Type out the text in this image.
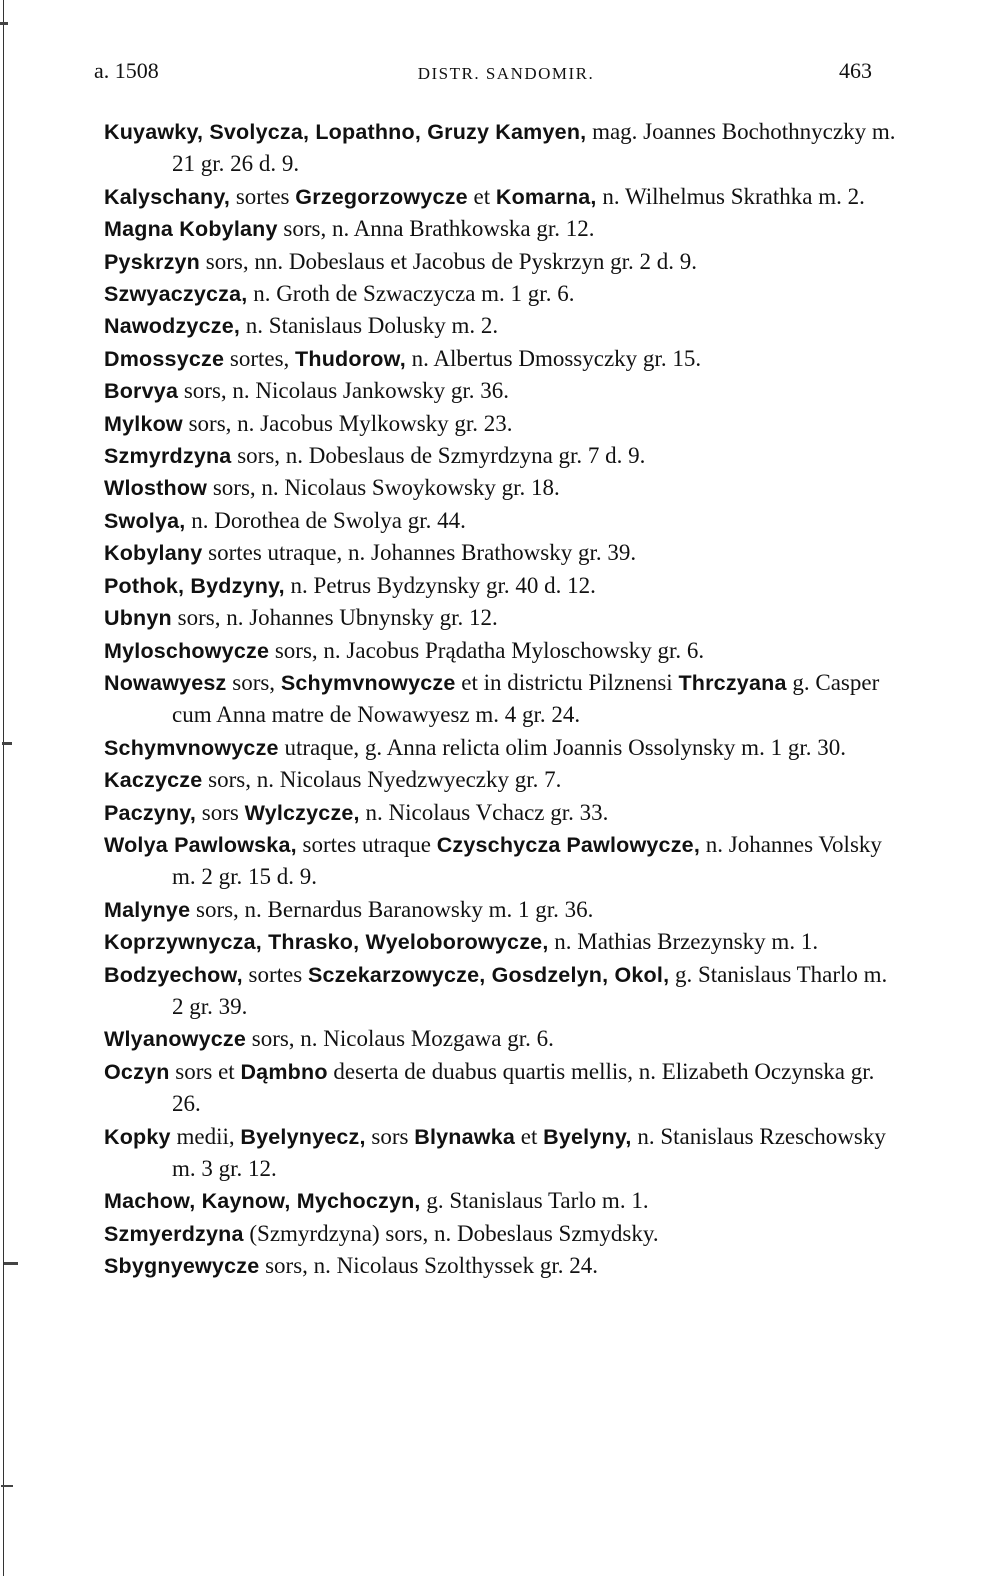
a. 1508	DISTR. SANDOMIR.	463
Kuyawky, Svolycza, Lopathno, Gruzy Kamyen, mag. Joannes Bochothnyczky m. 21 gr. 26 d. 9.
Kalyschany, sortes Grzegorzowycze et Komarna, n. Wilhelmus Skrathka m. 2.
Magna Kobylany sors, n. Anna Brathkowska gr. 12.
Pyskrzyn sors, nn. Dobeslaus et Jacobus de Pyskrzyn gr. 2 d. 9.
Szwyaczycza, n. Groth de Szwaczycza m. 1 gr. 6.
Nawodzycze, n. Stanislaus Dolusky m. 2.
Dmossycze sortes, Thudorow, n. Albertus Dmossyczky gr. 15.
Borvya sors, n. Nicolaus Jankowsky gr. 36.
Mylkow sors, n. Jacobus Mylkowsky gr. 23.
Szmyrdzyna sors, n. Dobeslaus de Szmyrdzyna gr. 7 d. 9.
Wlosthow sors, n. Nicolaus Swoykowsky gr. 18.
Swolya, n. Dorothea de Swolya gr. 44.
Kobylany sortes utraque, n. Johannes Brathowsky gr. 39.
Pothok, Bydzyny, n. Petrus Bydzynsky gr. 40 d. 12.
Ubnyn sors, n. Johannes Ubnynsky gr. 12.
Myloschowycze sors, n. Jacobus Prądatha Myloschowsky gr. 6.
Nowawyesz sors, Schymvnowycze et in districtu Pilznensi Thrczyana g. Casper cum Anna matre de Nowawyesz m. 4 gr. 24.
Schymvnowycze utraque, g. Anna relicta olim Joannis Ossolynsky m. 1 gr. 30.
Kaczycze sors, n. Nicolaus Nyedzwyeczky gr. 7.
Paczyny, sors Wylczycze, n. Nicolaus Vchacz gr. 33.
Wolya Pawlowska, sortes utraque Czyschycza Pawlowycze, n. Johannes Volsky m. 2 gr. 15 d. 9.
Malynye sors, n. Bernardus Baranowsky m. 1 gr. 36.
Koprzywnycza, Thrasko, Wyeloborowycze, n. Mathias Brzezynsky m. 1.
Bodzyechow, sortes Sczekarzowycze, Gosdzelyn, Okol, g. Stanislaus Tharlo m. 2 gr. 39.
Wlyanowycze sors, n. Nicolaus Mozgawa gr. 6.
Oczyn sors et Dąmbno deserta de duabus quartis mellis, n. Elizabeth Oczynska gr. 26.
Kopky medii, Byelynyecz, sors Blynawka et Byelyny, n. Stanislaus Rzeschowsky m. 3 gr. 12.
Machow, Kaynow, Mychoczyn, g. Stanislaus Tarlo m. 1.
Szmyerdzyna (Szmyrdzyna) sors, n. Dobeslaus Szmydsky.
Sbygnyewycze sors, n. Nicolaus Szolthyssek gr. 24.
